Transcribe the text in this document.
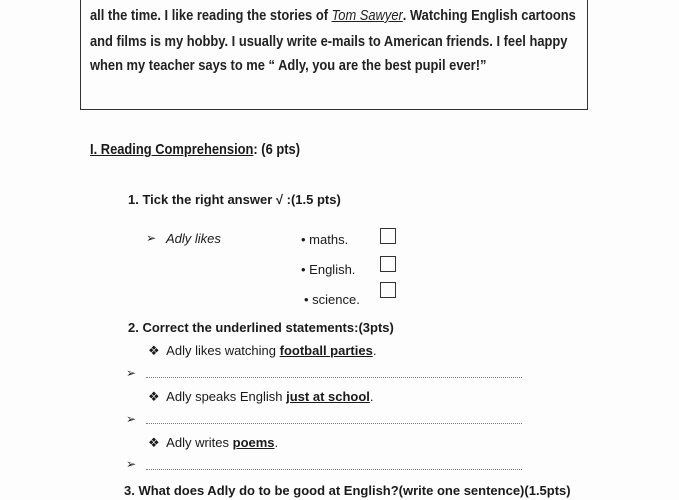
all the time. I like reading the stories of Tom Sawyer. Watching English cartoons
and films is my hobby. I usually write e-mails to American friends. I feel happy
when my teacher says to me “ Adly, you are the best pupil ever!”
I. Reading Comprehension: (6 pts)
1. Tick the right answer √ :(1.5 pts)
➢ Adly likes	• maths.
• English.
• science.
2. Correct the underlined statements:(3pts)
❖ Adly likes watching football parties.
➢
❖ Adly speaks English just at school.
➢
❖ Adly writes poems.
➢
3. What does Adly do to be good at English?(write one sentence)(1.5pts)
